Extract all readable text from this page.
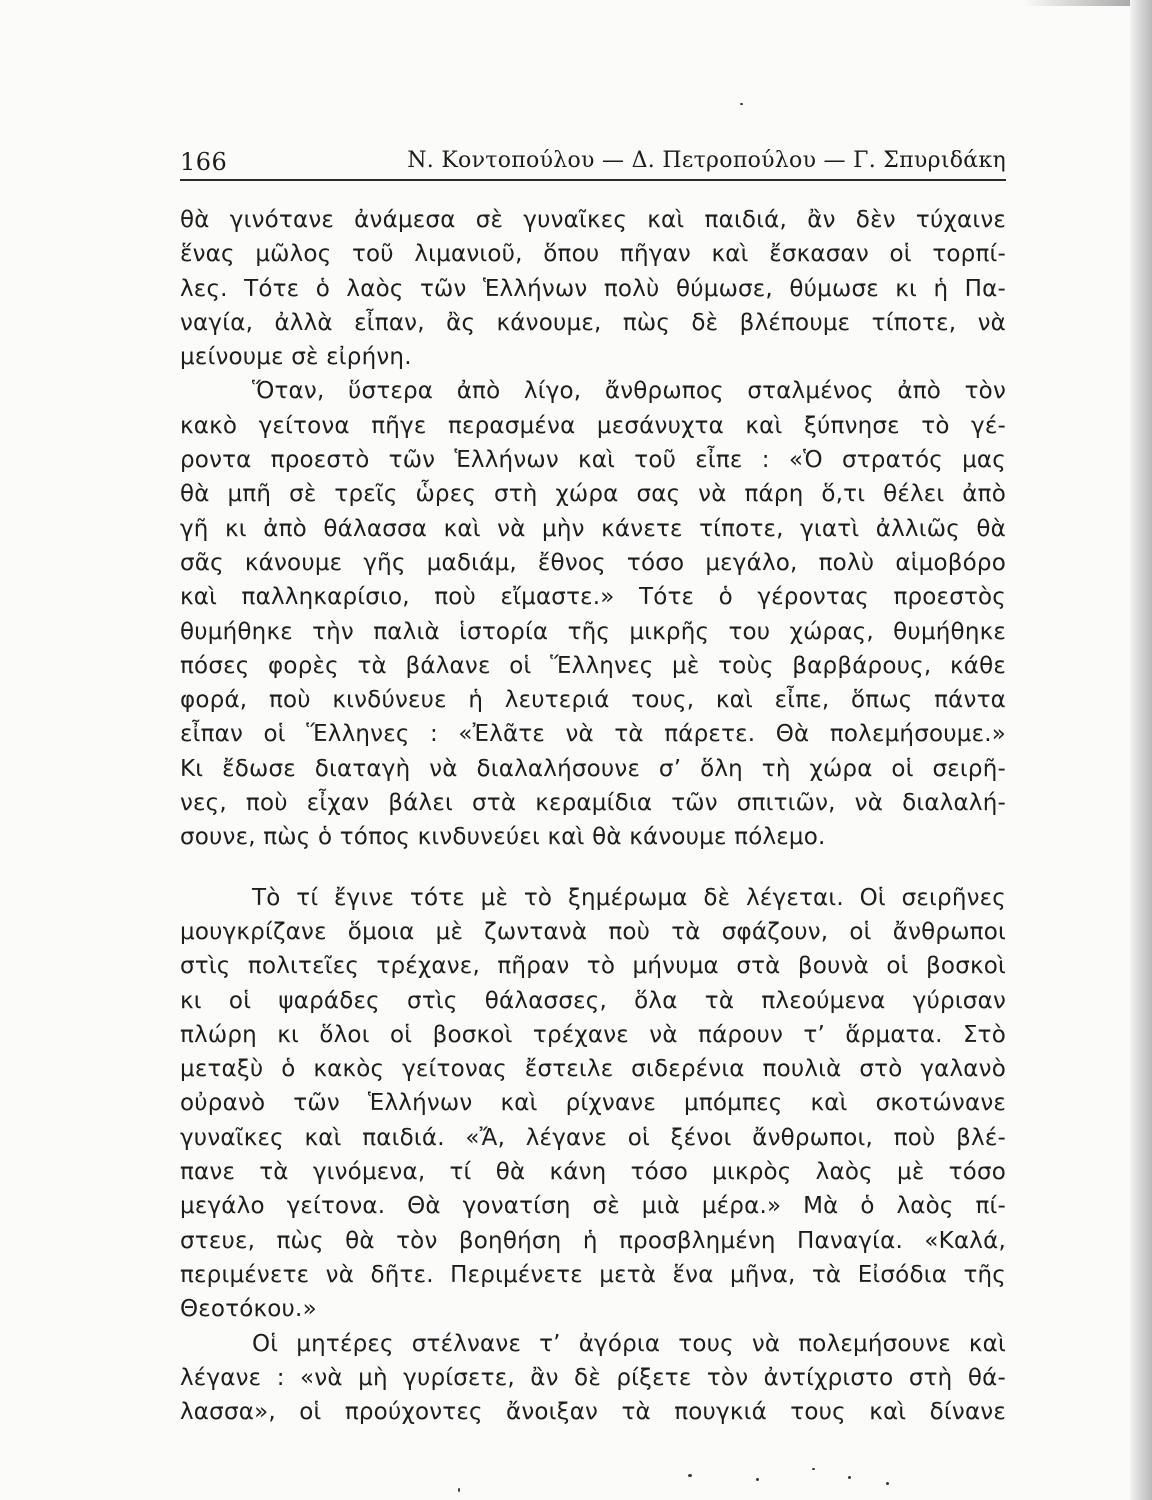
166	Ν. Κοντοπούλου — Δ. Πετροπούλου — Γ. Σπυριδάκη
θὰ γινότανε ἀνάμεσα σὲ γυναῖκες καὶ παιδιά, ἂν δὲν τύχαινε
ἕνας μῶλος τοῦ λιμανιοῦ, ὅπου πῆγαν καὶ ἔσκασαν οἱ τορπί-
λες. Τότε ὁ λαὸς τῶν Ἑλλήνων πολὺ θύμωσε, θύμωσε κι ἡ Πα-
ναγία, ἀλλὰ εἶπαν, ἂς κάνουμε, πὼς δὲ βλέπουμε τίποτε, νὰ
μείνουμε σὲ εἰρήνη.
Ὅταν, ὕστερα ἀπὸ λίγο, ἄνθρωπος σταλμένος ἀπὸ τὸν
κακὸ γείτονα πῆγε περασμένα μεσάνυχτα καὶ ξύπνησε τὸ γέ-
ροντα προεστὸ τῶν Ἑλλήνων καὶ τοῦ εἶπε : «Ὁ στρατός μας
θὰ μπῆ σὲ τρεῖς ὧρες στὴ χώρα σας νὰ πάρη ὅ,τι θέλει ἀπὸ
γῆ κι ἀπὸ θάλασσα καὶ νὰ μὴν κάνετε τίποτε, γιατὶ ἀλλιῶς θὰ
σᾶς κάνουμε γῆς μαδιάμ, ἔθνος τόσο μεγάλο, πολὺ αἱμοβόρο
καὶ παλληκαρίσιο, ποὺ εἴμαστε.» Τότε ὁ γέροντας προεστὸς
θυμήθηκε τὴν παλιὰ ἱστορία τῆς μικρῆς του χώρας, θυμήθηκε
πόσες φορὲς τὰ βάλανε οἱ Ἕλληνες μὲ τοὺς βαρβάρους, κάθε
φορά, ποὺ κινδύνευε ἡ λευτεριά τους, καὶ εἶπε, ὅπως πάντα
εἶπαν οἱ Ἕλληνες : «Ἐλᾶτε νὰ τὰ πάρετε. Θὰ πολεμήσουμε.»
Κι ἔδωσε διαταγὴ νὰ διαλαλήσουνε σ’ ὅλη τὴ χώρα οἱ σειρῆ-
νες, ποὺ εἶχαν βάλει στὰ κεραμίδια τῶν σπιτιῶν, νὰ διαλαλή-
σουνε, πὼς ὁ τόπος κινδυνεύει καὶ θὰ κάνουμε πόλεμο.
Τὸ τί ἔγινε τότε μὲ τὸ ξημέρωμα δὲ λέγεται. Οἱ σειρῆνες
μουγκρίζανε ὅμοια μὲ ζωντανὰ ποὺ τὰ σφάζουν, οἱ ἄνθρωποι
στὶς πολιτεῖες τρέχανε, πῆραν τὸ μήνυμα στὰ βουνὰ οἱ βοσκοὶ
κι οἱ ψαράδες στὶς θάλασσες, ὅλα τὰ πλεούμενα γύρισαν
πλώρη κι ὅλοι οἱ βοσκοὶ τρέχανε νὰ πάρουν τ’ ἅρματα. Στὸ
μεταξὺ ὁ κακὸς γείτονας ἔστειλε σιδερένια πουλιὰ στὸ γαλανὸ
οὐρανὸ τῶν Ἑλλήνων καὶ ρίχνανε μπόμπες καὶ σκοτώνανε
γυναῖκες καὶ παιδιά. «Ἄ, λέγανε οἱ ξένοι ἄνθρωποι, ποὺ βλέ-
πανε τὰ γινόμενα, τί θὰ κάνη τόσο μικρὸς λαὸς μὲ τόσο
μεγάλο γείτονα. Θὰ γονατίση σὲ μιὰ μέρα.» Μὰ ὁ λαὸς πί-
στευε, πὼς θὰ τὸν βοηθήση ἡ προσβλημένη Παναγία. «Καλά,
περιμένετε νὰ δῆτε. Περιμένετε μετὰ ἕνα μῆνα, τὰ Εἰσόδια τῆς
Θεοτόκου.»
Οἱ μητέρες στέλνανε τ’ ἀγόρια τους νὰ πολεμήσουνε καὶ
λέγανε : «νὰ μὴ γυρίσετε, ἂν δὲ ρίξετε τὸν ἀντίχριστο στὴ θά-
λασσα», οἱ προύχοντες ἄνοιξαν τὰ πουγκιά τους καὶ δίνανε
